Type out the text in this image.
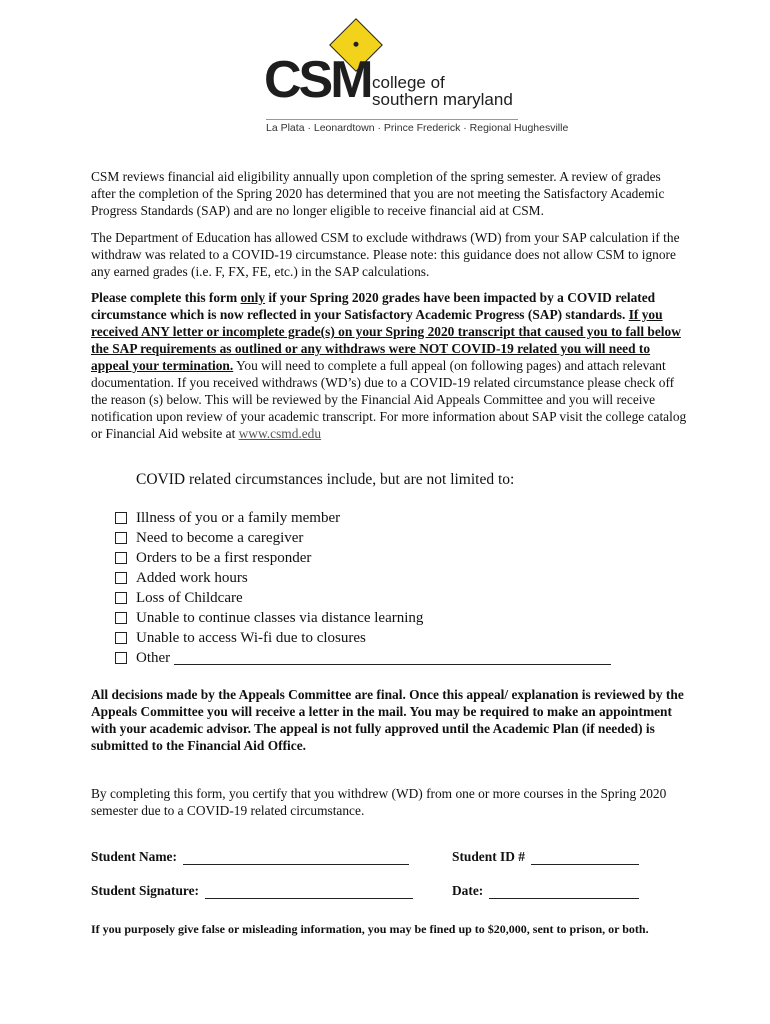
CSM college of
southern maryland
La Plata · Leonardtown · Prince Frederick · Regional Hughesville

CSM reviews financial aid eligibility annually upon completion of the spring semester. A review of grades after the completion of the Spring 2020 has determined that you are not meeting the Satisfactory Academic Progress Standards (SAP) and are no longer eligible to receive financial aid at CSM.

The Department of Education has allowed CSM to exclude withdraws (WD) from your SAP calculation if the withdraw was related to a COVID-19 circumstance. Please note: this guidance does not allow CSM to ignore any earned grades (i.e. F, FX, FE, etc.) in the SAP calculations.

Please complete this form only if your Spring 2020 grades have been impacted by a COVID related circumstance which is now reflected in your Satisfactory Academic Progress (SAP) standards. If you received ANY letter or incomplete grade(s) on your Spring 2020 transcript that caused you to fall below the SAP requirements as outlined or any withdraws were NOT COVID-19 related you will need to appeal your termination. You will need to complete a full appeal (on following pages) and attach relevant documentation. If you received withdraws (WD’s) due to a COVID-19 related circumstance please check off the reason (s) below. This will be reviewed by the Financial Aid Appeals Committee and you will receive notification upon review of your academic transcript. For more information about SAP visit the college catalog or Financial Aid website at www.csmd.edu

COVID related circumstances include, but are not limited to:
Illness of you or a family member
Need to become a caregiver
Orders to be a first responder
Added work hours
Loss of Childcare
Unable to continue classes via distance learning
Unable to access Wi-fi due to closures
Other
All decisions made by the Appeals Committee are final. Once this appeal/ explanation is reviewed by the Appeals Committee you will receive a letter in the mail. You may be required to make an appointment with your academic advisor. The appeal is not fully approved until the Academic Plan (if needed) is submitted to the Financial Aid Office.
By completing this form, you certify that you withdrew (WD) from one or more courses in the Spring 2020 semester due to a COVID-19 related circumstance.
Student Name:	Student ID #
Student Signature:	Date:
If you purposely give false or misleading information, you may be fined up to $20,000, sent to prison, or both.
